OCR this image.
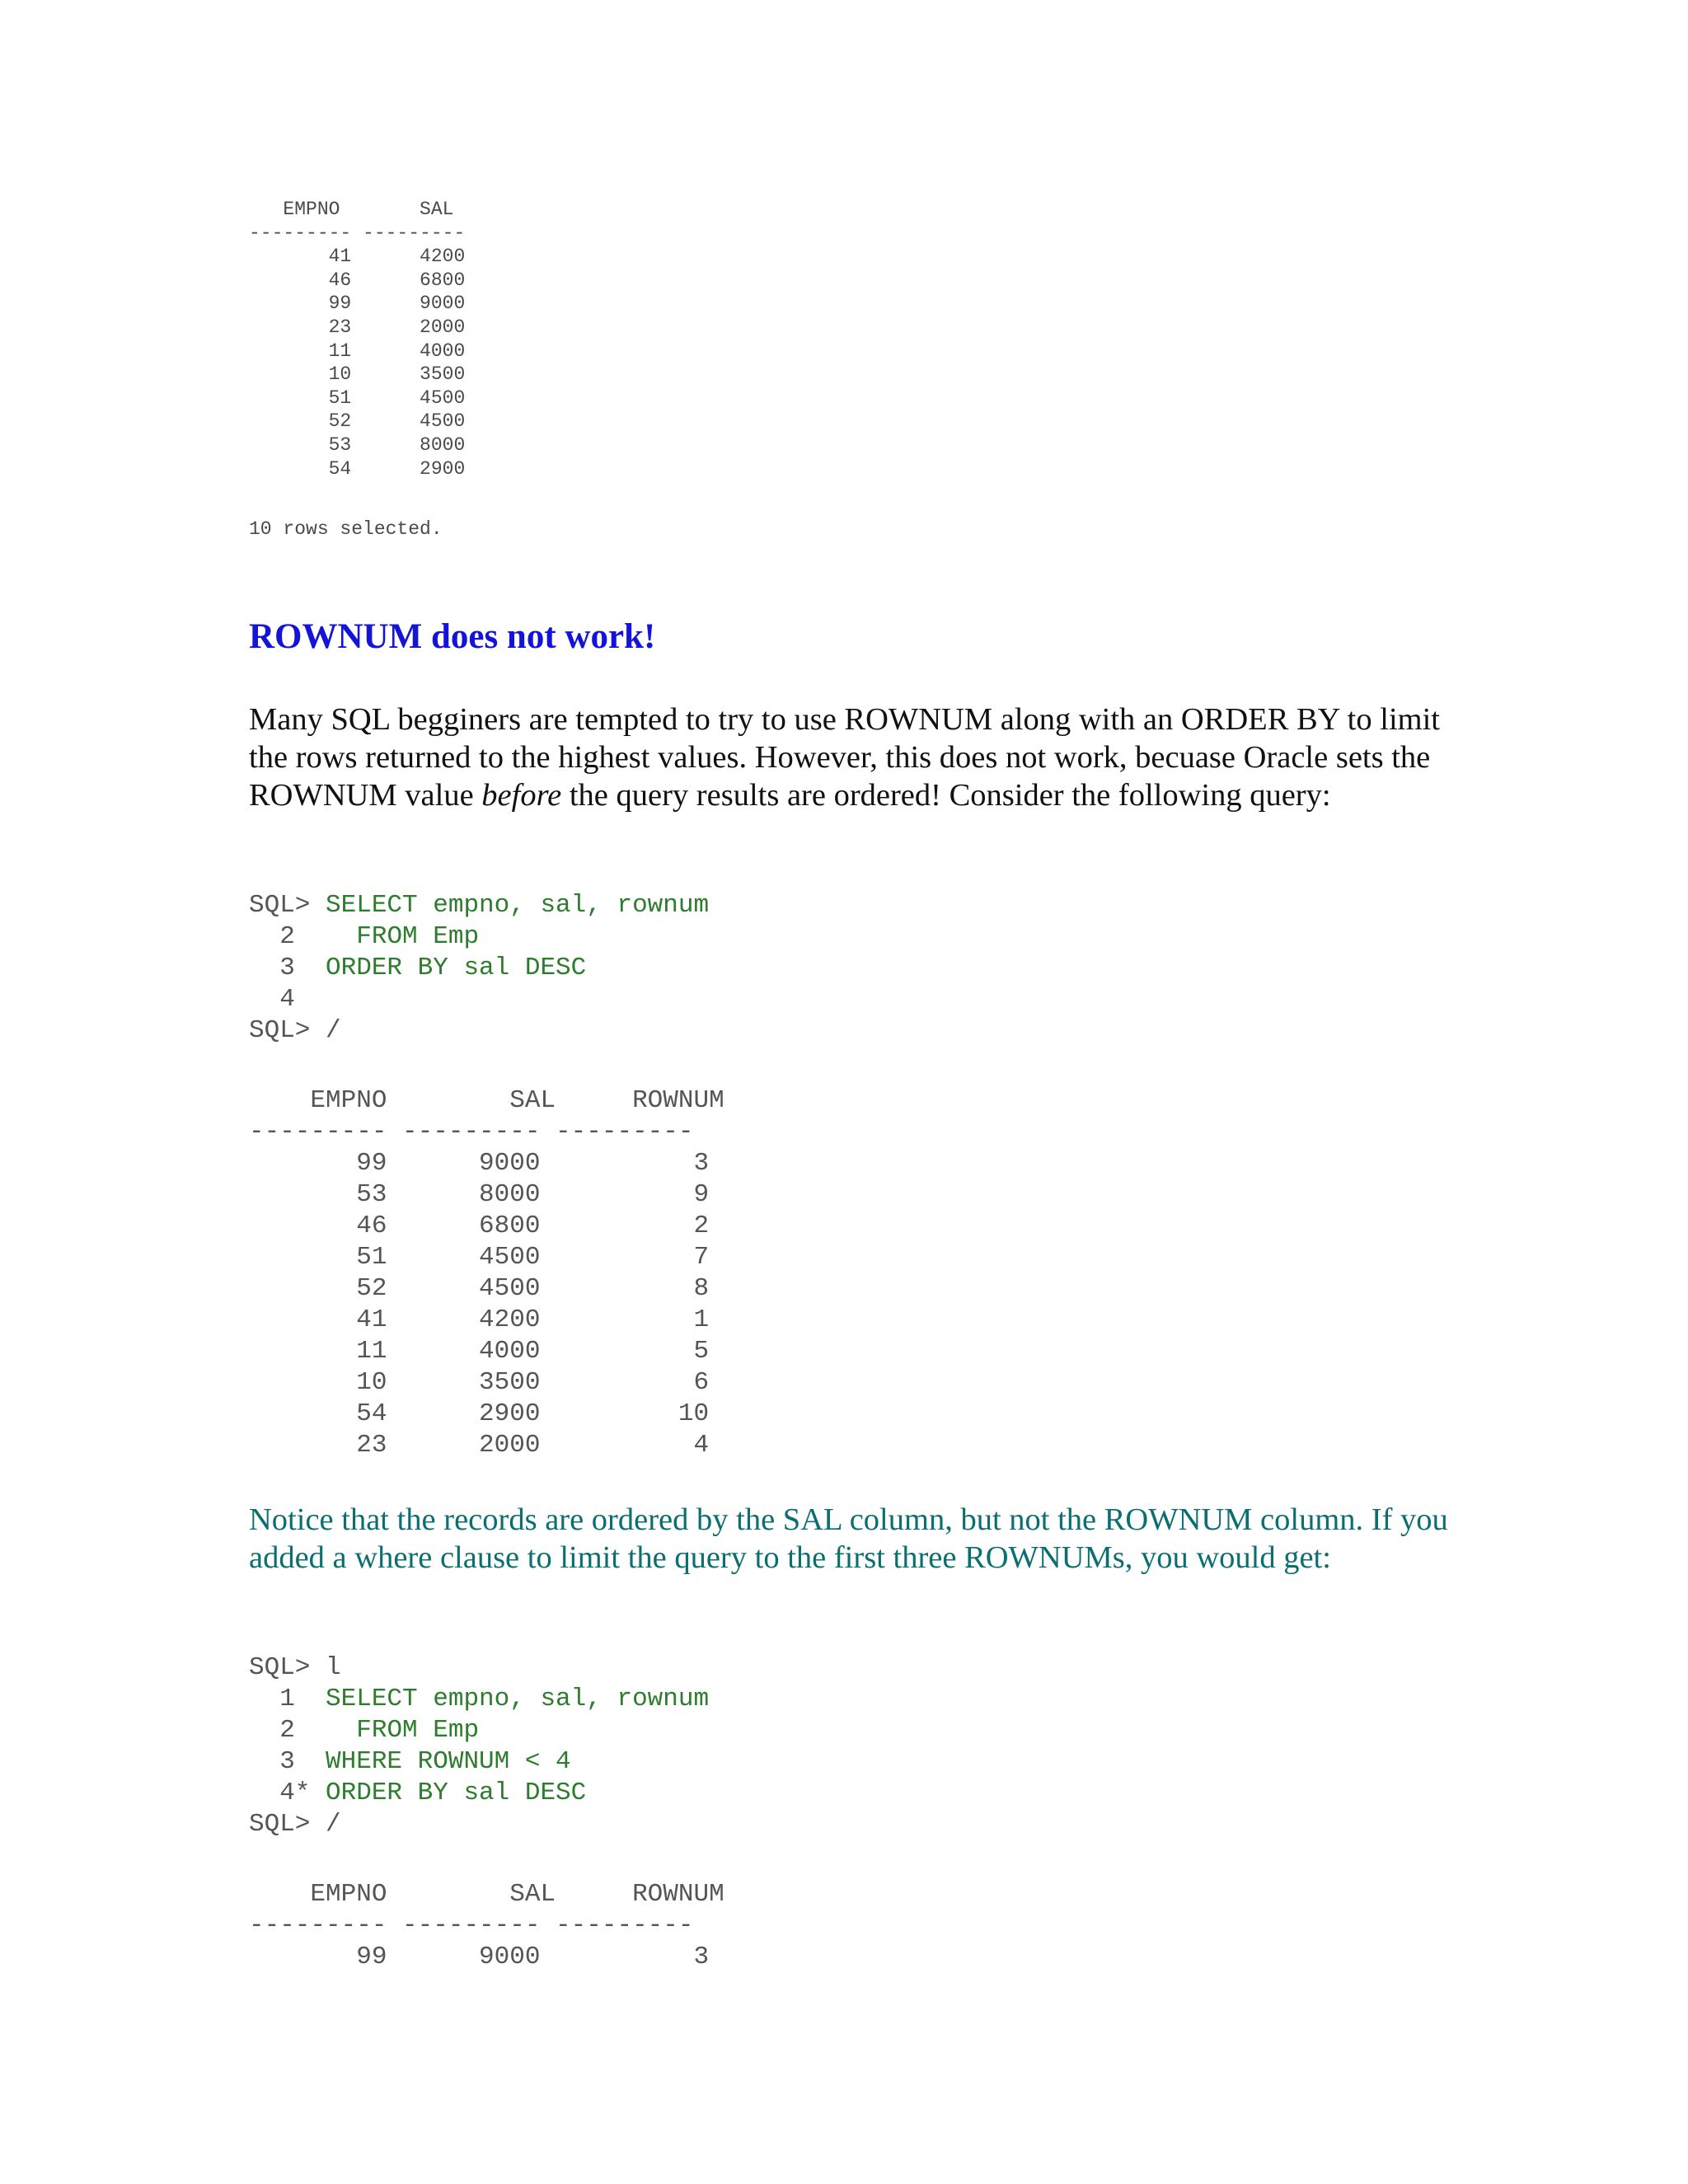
EMPNO       SAL
--------- ---------
41      4200
46      6800
99      9000
23      2000
11      4000
10      3500
51      4500
52      4500
53      8000
54      2900
10 rows selected.
ROWNUM does not work!

Many SQL begginers are tempted to try to use ROWNUM along with an ORDER BY to limit the rows returned to the highest values. However, this does not work, becuase Oracle sets the ROWNUM value before the query results are ordered! Consider the following query:

SQL> SELECT empno, sal, rownum
2    FROM Emp
3  ORDER BY sal DESC
4
SQL> /
EMPNO        SAL     ROWNUM
--------- --------- ---------
99      9000          3
53      8000          9
46      6800          2
51      4500          7
52      4500          8
41      4200          1
11      4000          5
10      3500          6
54      2900         10
23      2000          4

Notice that the records are ordered by the SAL column, but not the ROWNUM column. If you added a where clause to limit the query to the first three ROWNUMs, you would get:

SQL> l
1  SELECT empno, sal, rownum
2    FROM Emp
3  WHERE ROWNUM < 4
4* ORDER BY sal DESC
SQL> /
EMPNO        SAL     ROWNUM
--------- --------- ---------
99      9000          3
